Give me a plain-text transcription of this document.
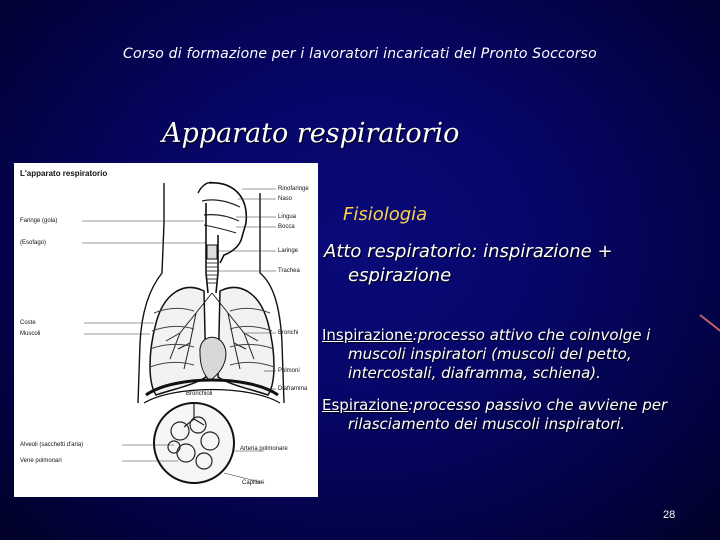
Corso di formazione per i lavoratori incaricati del Pronto Soccorso
Apparato respiratorio
L'apparato respiratorio
Rinofaringe
Naso
Lingua
Bocca
Laringe
Trachea
Bronchi
Polmoni
Diaframma
Arteria polmonare
Capillari
Faringe (gola)
(Esofago)
Coste
Muscoli
Alveoli (sacchetti d'aria)
Vene polmonari
Bronchioli
Fisiologia
Atto respiratorio: inspirazione +
espirazione
Inspirazione:processo attivo che coinvolge i
muscoli inspiratori (muscoli del petto,
intercostali, diaframma, schiena).
Espirazione:processo passivo che avviene per
rilasciamento dei muscoli inspiratori.
28
